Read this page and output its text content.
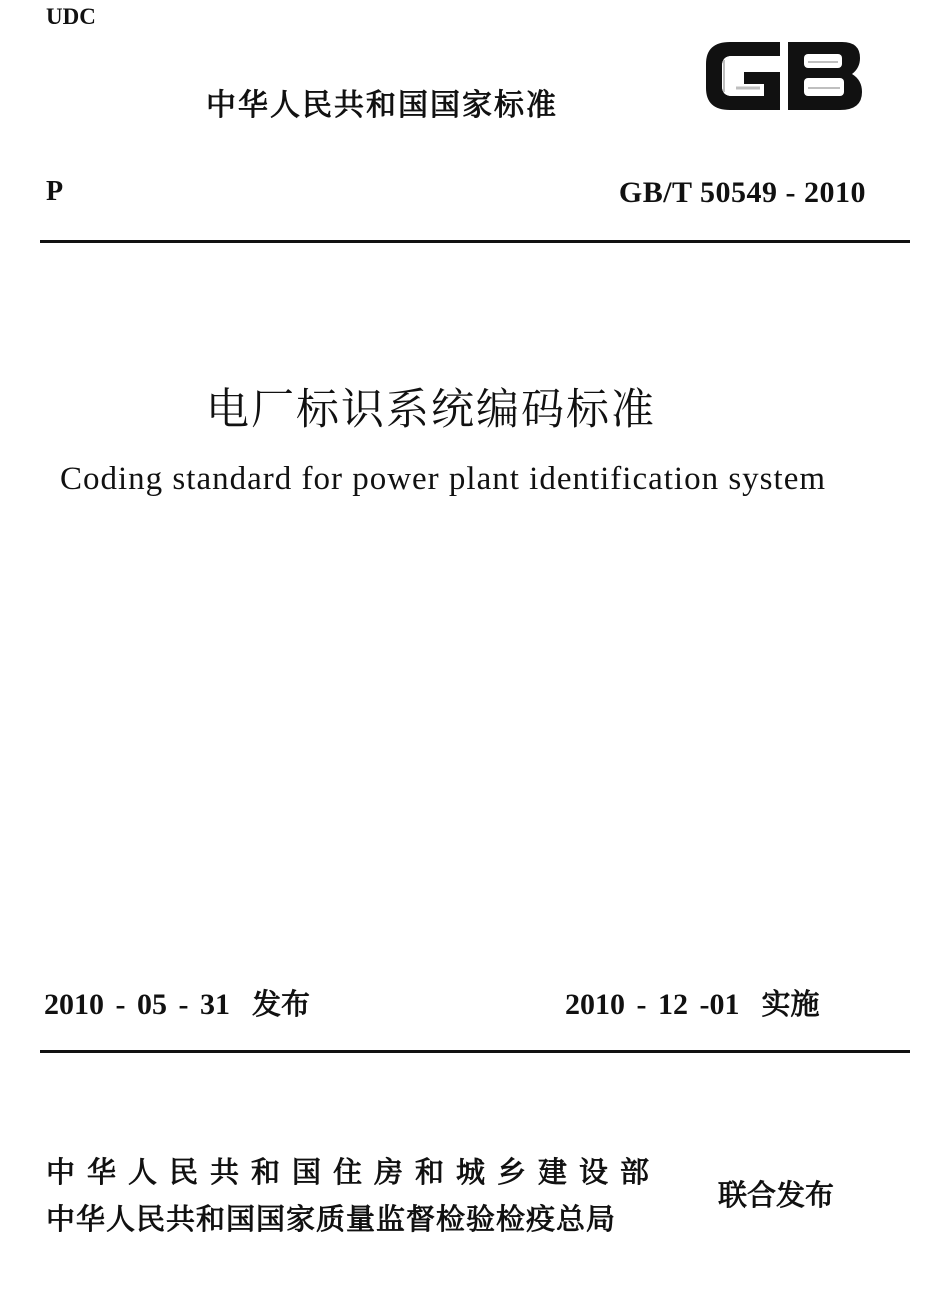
UDC
中华人民共和国国家标准
P	GB/T 50549 - 2010
电厂标识系统编码标准
Coding standard for power plant identification system
2010 - 05 - 31 发布	2010 - 12 -01 实施
中华人民共和国住房和城乡建设部
中华人民共和国国家质量监督检验检疫总局
联合发布
